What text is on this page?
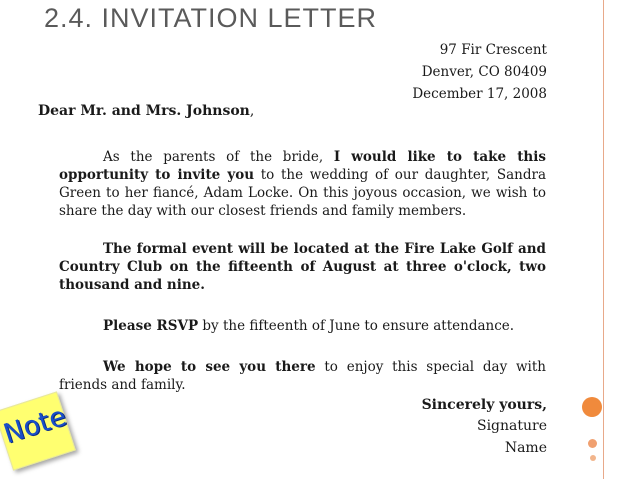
2.4. INVITATION LETTER
97 Fir Crescent
Denver, CO 80409
December 17, 2008
Dear Mr. and Mrs. Johnson,

As the parents of the bride, I would like to take this opportunity to invite you to the wedding of our daughter, Sandra Green to her fiancé, Adam Locke. On this joyous occasion, we wish to share the day with our closest friends and family members.

The formal event will be located at the Fire Lake Golf and Country Club on the fifteenth of August at three o'clock, two thousand and nine.

Please RSVP by the fifteenth of June to ensure attendance.

We hope to see you there to enjoy this special day with friends and family.

Sincerely yours,
Signature
Name
Note
